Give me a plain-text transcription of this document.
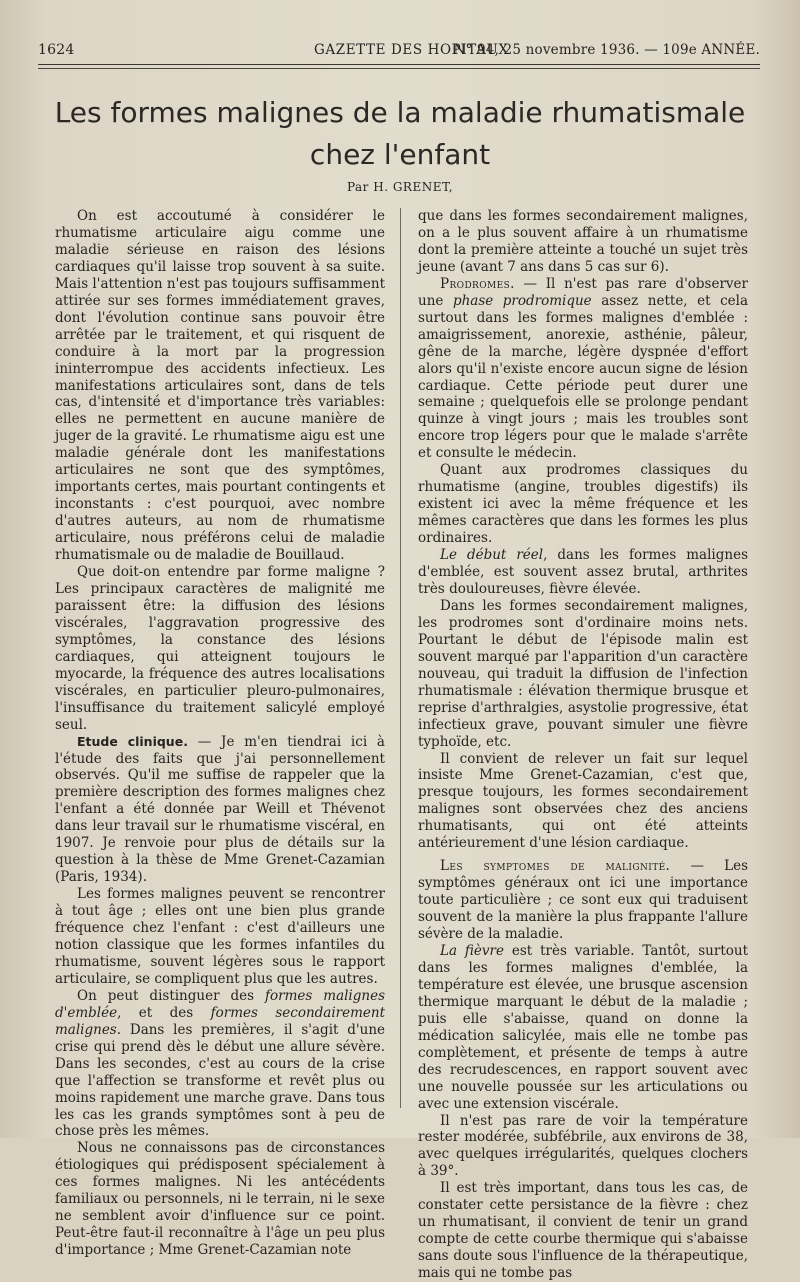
1624	GAZETTE DES HOPITAUX
N° 94, 25 novembre 1936. — 109e ANNÉE.
Les formes malignes de la maladie rhumatismale
chez l'enfant
Par H. GRENET,

On est accoutumé à considérer le rhumatisme articulaire aigu comme une maladie sérieuse en raison des lésions cardiaques qu'il laisse trop souvent à sa suite. Mais l'attention n'est pas toujours suffisamment attirée sur ses formes immédiatement graves, dont l'évolution continue sans pouvoir être arrêtée par le traitement, et qui risquent de conduire à la mort par la progression ininterrompue des accidents infectieux. Les manifestations articulaires sont, dans de tels cas, d'intensité et d'importance très variables: elles ne permettent en aucune manière de juger de la gravité. Le rhumatisme aigu est une maladie générale dont les manifestations articulaires ne sont que des symptômes, importants certes, mais pourtant contingents et inconstants : c'est pourquoi, avec nombre d'autres auteurs, au nom de rhumatisme articulaire, nous préférons celui de maladie rhumatismale ou de maladie de Bouillaud.

Que doit-on entendre par forme maligne ? Les principaux caractères de malignité me paraissent être: la diffusion des lésions viscérales, l'aggravation progressive des symptômes, la constance des lésions cardiaques, qui atteignent toujours le myocarde, la fréquence des autres localisations viscérales, en particulier pleuro-pulmonaires, l'insuffisance du traitement salicylé employé seul.

Etude clinique. — Je m'en tiendrai ici à l'étude des faits que j'ai personnellement observés. Qu'il me suffise de rappeler que la première description des formes malignes chez l'enfant a été donnée par Weill et Thévenot dans leur travail sur le rhumatisme viscéral, en 1907. Je renvoie pour plus de détails sur la question à la thèse de Mme Grenet-Cazamian (Paris, 1934).

Les formes malignes peuvent se rencontrer à tout âge ; elles ont une bien plus grande fréquence chez l'enfant : c'est d'ailleurs une notion classique que les formes infantiles du rhumatisme, souvent légères sous le rapport articulaire, se compliquent plus que les autres.

On peut distinguer des formes malignes d'emblée, et des formes secondairement malignes. Dans les premières, il s'agit d'une crise qui prend dès le début une allure sévère. Dans les secondes, c'est au cours de la crise que l'affection se transforme et revêt plus ou moins rapidement une marche grave. Dans tous les cas les grands symptômes sont à peu de chose près les mêmes.

Nous ne connaissons pas de circonstances étiologiques qui prédisposent spécialement à ces formes malignes. Ni les antécédents familiaux ou personnels, ni le terrain, ni le sexe ne semblent avoir d'influence sur ce point. Peut-être faut-il reconnaître à l'âge un peu plus d'importance ; Mme Grenet-Cazamian note

que dans les formes secondairement malignes, on a le plus souvent affaire à un rhumatisme dont la première atteinte a touché un sujet très jeune (avant 7 ans dans 5 cas sur 6).

Prodromes. — Il n'est pas rare d'observer une phase prodromique assez nette, et cela surtout dans les formes malignes d'emblée : amaigrissement, anorexie, asthénie, pâleur, gêne de la marche, légère dyspnée d'effort alors qu'il n'existe encore aucun signe de lésion cardiaque. Cette période peut durer une semaine ; quelquefois elle se prolonge pendant quinze à vingt jours ; mais les troubles sont encore trop légers pour que le malade s'arrête et consulte le médecin.

Quant aux prodromes classiques du rhumatisme (angine, troubles digestifs) ils existent ici avec la même fréquence et les mêmes caractères que dans les formes les plus ordinaires.

Le début réel, dans les formes malignes d'emblée, est souvent assez brutal, arthrites très douloureuses, fièvre élevée.

Dans les formes secondairement malignes, les prodromes sont d'ordinaire moins nets. Pourtant le début de l'épisode malin est souvent marqué par l'apparition d'un caractère nouveau, qui traduit la diffusion de l'infection rhumatismale : élévation thermique brusque et reprise d'arthralgies, asystolie progressive, état infectieux grave, pouvant simuler une fièvre typhoïde, etc.

Il convient de relever un fait sur lequel insiste Mme Grenet-Cazamian, c'est que, presque toujours, les formes secondairement malignes sont observées chez des anciens rhumatisants, qui ont été atteints antérieurement d'une lésion cardiaque.

Les symptomes de malignité. — Les symptômes généraux ont ici une importance toute particulière ; ce sont eux qui traduisent souvent de la manière la plus frappante l'allure sévère de la maladie.

La fièvre est très variable. Tantôt, surtout dans les formes malignes d'emblée, la température est élevée, une brusque ascension thermique marquant le début de la maladie ; puis elle s'abaisse, quand on donne la médication salicylée, mais elle ne tombe pas complètement, et présente de temps à autre des recrudescences, en rapport souvent avec une nouvelle poussée sur les articulations ou avec une extension viscérale.

Il n'est pas rare de voir la température rester modérée, subfébrile, aux environs de 38, avec quelques irrégularités, quelques clochers à 39°.

Il est très important, dans tous les cas, de constater cette persistance de la fièvre : chez un rhumatisant, il convient de tenir un grand compte de cette courbe thermique qui s'abaisse sans doute sous l'influence de la thérapeutique, mais qui ne tombe pas
